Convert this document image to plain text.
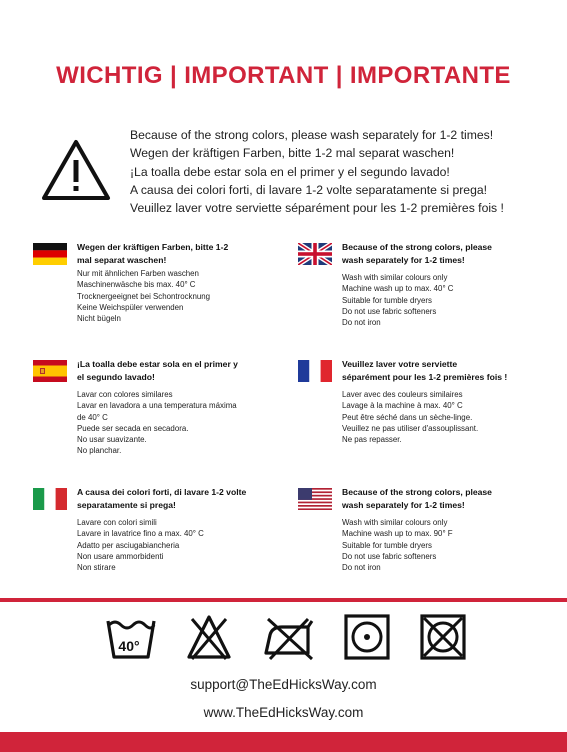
WICHTIG | IMPORTANT | IMPORTANTE
Because of the strong colors, please wash separately for 1-2 times!
Wegen der kräftigen Farben, bitte 1-2 mal separat waschen!
¡La toalla debe estar sola en el primer y el segundo lavado!
A causa dei colori forti, di lavare 1-2 volte separatamente si prega!
Veuillez laver votre serviette séparément pour les 1-2 premières fois !
Wegen der kräftigen Farben, bitte 1-2
mal separat waschen!
Nur mit ähnlichen Farben waschen
Maschinenwäsche bis max. 40° C
Trocknergeeignet bei Schontrocknung
Keine Weichspüler verwenden
Nicht bügeln
Because of the strong colors, please
wash separately for 1-2 times!
Wash with similar colours only
Machine wash up to max. 40° C
Suitable for tumble dryers
Do not use fabric softeners
Do not iron
¡La toalla debe estar sola en el primer y
el segundo lavado!
Lavar con colores similares
Lavar en lavadora a una temperatura máxima
de 40° C
Puede ser secada en secadora.
No usar suavizante.
No planchar.
Veuillez laver votre serviette
séparément pour les 1-2 premières fois !
Laver avec des couleurs similaires
Lavage à la machine à max. 40° C
Peut être séché dans un sèche-linge.
Veuillez ne pas utiliser d'assouplissant.
Ne pas repasser.
A causa dei colori forti, di lavare 1-2 volte
separatamente si prega!
Lavare con colori simili
Lavare in lavatrice fino a max. 40° C
Adatto per asciugabiancheria
Non usare ammorbidenti
Non stirare
Because of the strong colors, please
wash separately for 1-2 times!
Wash with similar colours only
Machine wash up to max. 90° F
Suitable for tumble dryers
Do not use fabric softeners
Do not iron
40°
support@TheEdHicksWay.com
www.TheEdHicksWay.com
